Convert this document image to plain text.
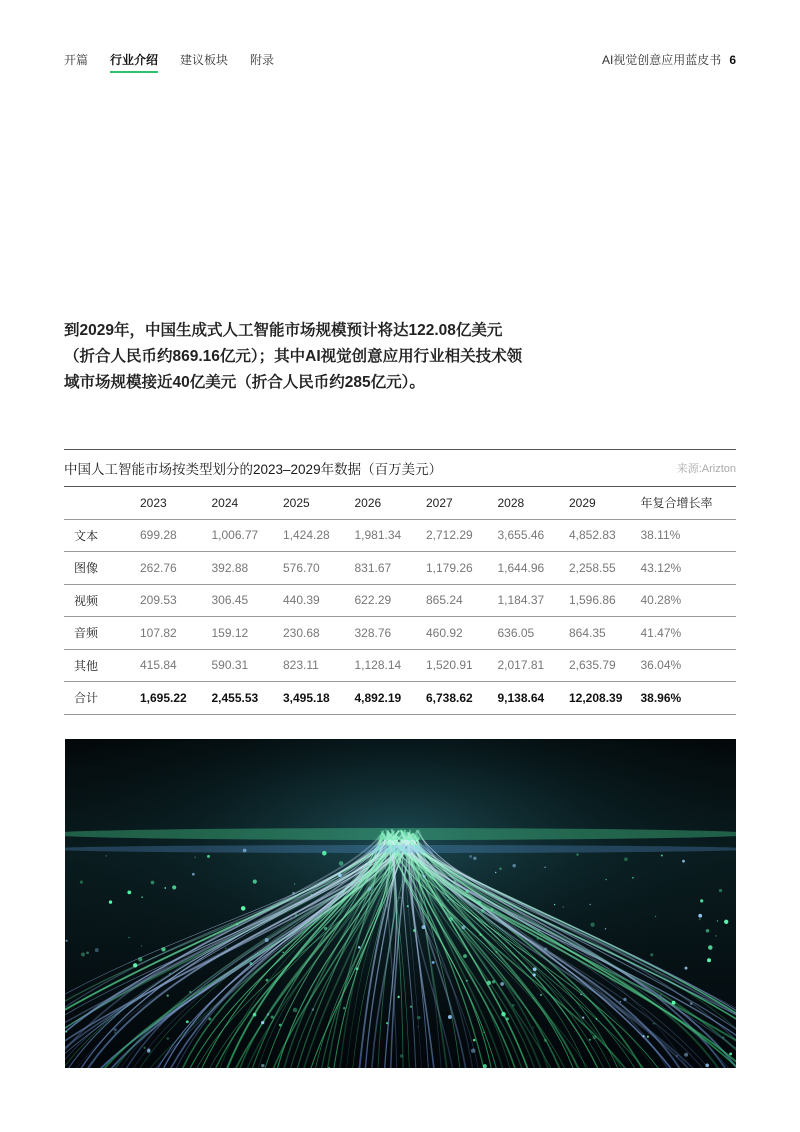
开篇 行业介绍 建议板块 附录	AI视觉创意应用蓝皮书 6
到2029年，中国生成式人工智能市场规模预计将达122.08亿美元（折合人民币约869.16亿元）；其中AI视觉创意应用行业相关技术领域市场规模接近40亿美元（折合人民币约285亿元）。
中国人工智能市场按类型划分的2023–2029年数据（百万美元）	来源:Arizton
	2023	2024	2025	2026	2027	2028	2029	年复合增长率
文本	699.28	1,006.77	1,424.28	1,981.34	2,712.29	3,655.46	4,852.83	38.11%
图像	262.76	392.88	576.70	831.67	1,179.26	1,644.96	2,258.55	43.12%
视频	209.53	306.45	440.39	622.29	865.24	1,184.37	1,596.86	40.28%
音频	107.82	159.12	230.68	328.76	460.92	636.05	864.35	41.47%
其他	415.84	590.31	823.11	1,128.14	1,520.91	2,017.81	2,635.79	36.04%
合计	1,695.22	2,455.53	3,495.18	4,892.19	6,738.62	9,138.64	12,208.39	38.96%
